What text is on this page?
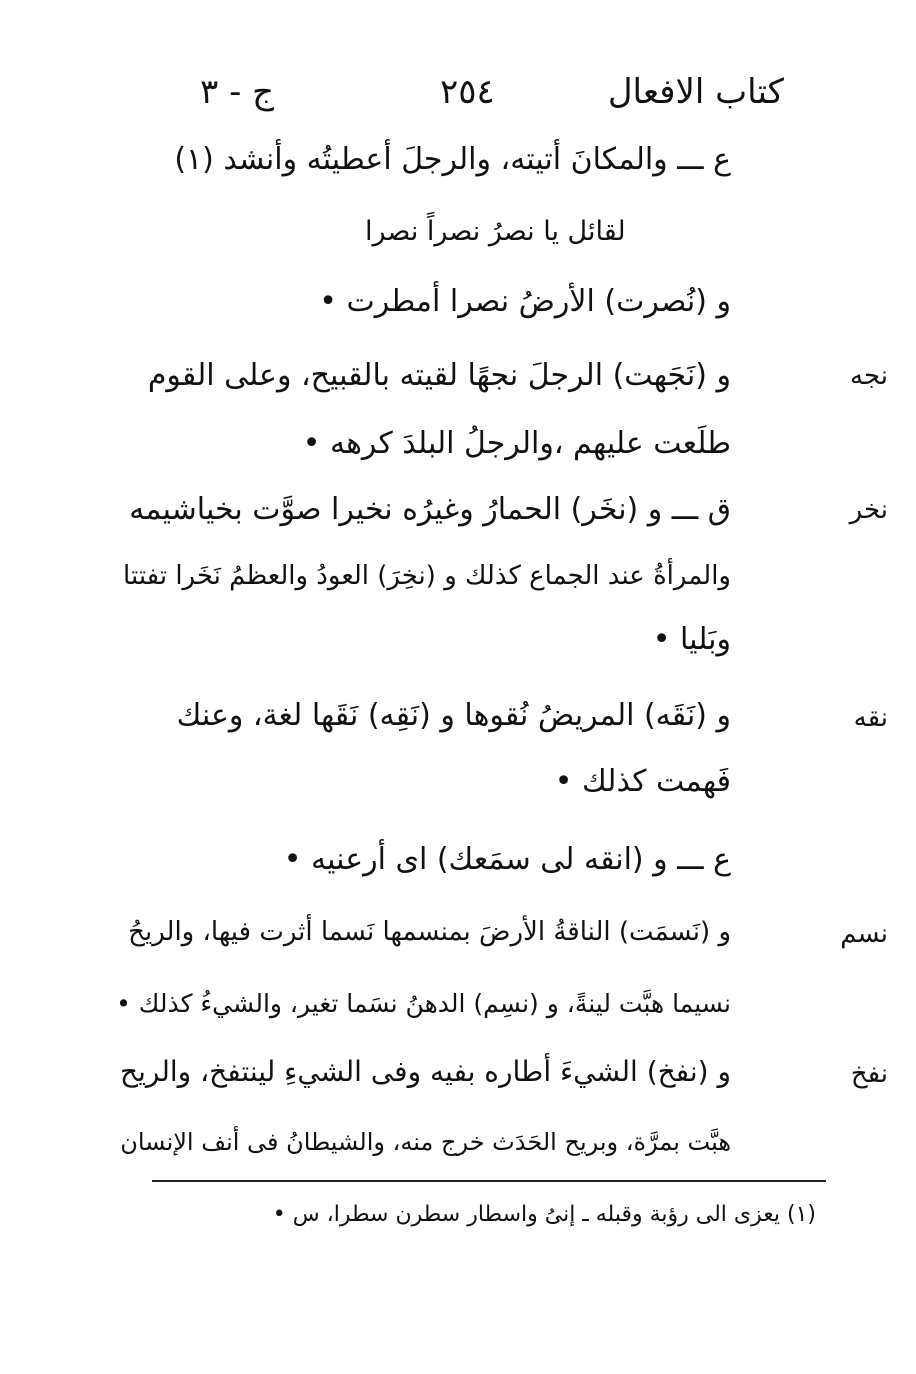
كتاب الافعال
٢٥٤
ج - ٣
ع ـــ والمكانَ أتيته، والرجلَ أعطيتُه وأنشد (١)
لقائل يا نصرُ نصراً نصرا
و (نُصرت) الأرضُ نصرا أمطرت •
نجه
و (نَجَهت) الرجلَ نجهًا لقيته بالقبيح، وعلى القوم
طلَعت عليهم ،والرجلُ البلدَ كرهه •
نخر
ق ـــ و (نخَر) الحمارُ وغيرُه نخيرا صوَّت بخياشيمه
والمرأةُ عند الجماع كذلك و (نخِرَ) العودُ والعظمُ نَخَرا تفتتا
وبَليا •
نقه
و (نَقَه) المريضُ نُقوها و (نَقِه) نَقَها لغة، وعنك
فَهمت كذلك •
ع ـــ و (انقه لى سمَعك) اى أرعنيه •
نسم
و (نَسمَت) الناقةُ الأرضَ بمنسمها نَسما أثرت فيها، والريحُ
نسيما هبَّت لينةً، و (نسِم) الدهنُ نسَما تغير، والشيءُ كذلك •
نفخ
و (نفخ) الشيءَ أطاره بفيه وفى الشيءِ لينتفخ، والريح
هبَّت بمرَّة، وبريح الحَدَث خرج منه، والشيطانُ فى أنف الإنسان
(١) يعزى الى رؤبة وقبله ـ إنىُ واسطار سطرن سطرا، س •
